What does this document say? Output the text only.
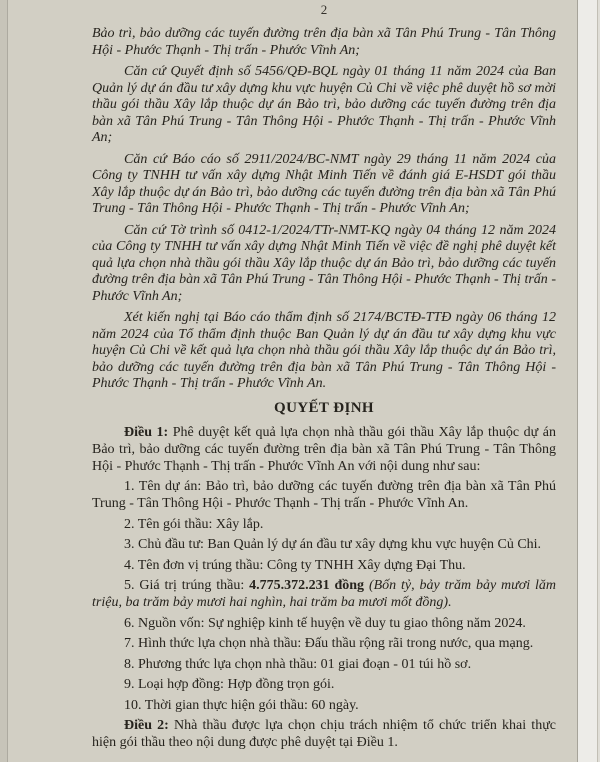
2

Bảo trì, bảo dưỡng các tuyến đường trên địa bàn xã Tân Phú Trung - Tân Thông Hội - Phước Thạnh - Thị trấn - Phước Vĩnh An;

Căn cứ Quyết định số 5456/QĐ-BQL ngày 01 tháng 11 năm 2024 của Ban Quản lý dự án đầu tư xây dựng khu vực huyện Củ Chi về việc phê duyệt hồ sơ mời thầu gói thầu Xây lắp thuộc dự án Bảo trì, bảo dưỡng các tuyến đường trên địa bàn xã Tân Phú Trung - Tân Thông Hội - Phước Thạnh - Thị trấn - Phước Vĩnh An;

Căn cứ Báo cáo số 2911/2024/BC-NMT ngày 29 tháng 11 năm 2024 của Công ty TNHH tư vấn xây dựng Nhật Minh Tiến về đánh giá E-HSDT gói thầu Xây lắp thuộc dự án Bảo trì, bảo dưỡng các tuyến đường trên địa bàn xã Tân Phú Trung - Tân Thông Hội - Phước Thạnh - Thị trấn - Phước Vĩnh An;

Căn cứ Tờ trình số 0412-1/2024/TTr-NMT-KQ ngày 04 tháng 12 năm 2024 của Công ty TNHH tư vấn xây dựng Nhật Minh Tiến về việc đề nghị phê duyệt kết quả lựa chọn nhà thầu gói thầu Xây lắp thuộc dự án Bảo trì, bảo dưỡng các tuyến đường trên địa bàn xã Tân Phú Trung - Tân Thông Hội - Phước Thạnh - Thị trấn - Phước Vĩnh An;

Xét kiến nghị tại Báo cáo thẩm định số 2174/BCTĐ-TTĐ ngày 06 tháng 12 năm 2024 của Tổ thẩm định thuộc Ban Quản lý dự án đầu tư xây dựng khu vực huyện Củ Chi về kết quả lựa chọn nhà thầu gói thầu Xây lắp thuộc dự án Bảo trì, bảo dưỡng các tuyến đường trên địa bàn xã Tân Phú Trung - Tân Thông Hội - Phước Thạnh - Thị trấn - Phước Vĩnh An.

QUYẾT ĐỊNH

Điều 1: Phê duyệt kết quả lựa chọn nhà thầu gói thầu Xây lắp thuộc dự án Bảo trì, bảo dưỡng các tuyến đường trên địa bàn xã Tân Phú Trung - Tân Thông Hội - Phước Thạnh - Thị trấn - Phước Vĩnh An với nội dung như sau:

1. Tên dự án: Bảo trì, bảo dưỡng các tuyến đường trên địa bàn xã Tân Phú Trung - Tân Thông Hội - Phước Thạnh - Thị trấn - Phước Vĩnh An.

2. Tên gói thầu: Xây lắp.

3. Chủ đầu tư: Ban Quản lý dự án đầu tư xây dựng khu vực huyện Củ Chi.

4. Tên đơn vị trúng thầu: Công ty TNHH Xây dựng Đại Thu.

5. Giá trị trúng thầu: 4.775.372.231 đồng (Bốn tỷ, bảy trăm bảy mươi lăm triệu, ba trăm bảy mươi hai nghìn, hai trăm ba mươi mốt đồng).

6. Nguồn vốn: Sự nghiệp kinh tế huyện về duy tu giao thông năm 2024.

7. Hình thức lựa chọn nhà thầu: Đấu thầu rộng rãi trong nước, qua mạng.

8. Phương thức lựa chọn nhà thầu: 01 giai đoạn - 01 túi hồ sơ.

9. Loại hợp đồng: Hợp đồng trọn gói.

10. Thời gian thực hiện gói thầu: 60 ngày.

Điều 2: Nhà thầu được lựa chọn chịu trách nhiệm tổ chức triển khai thực hiện gói thầu theo nội dung được phê duyệt tại Điều 1.
